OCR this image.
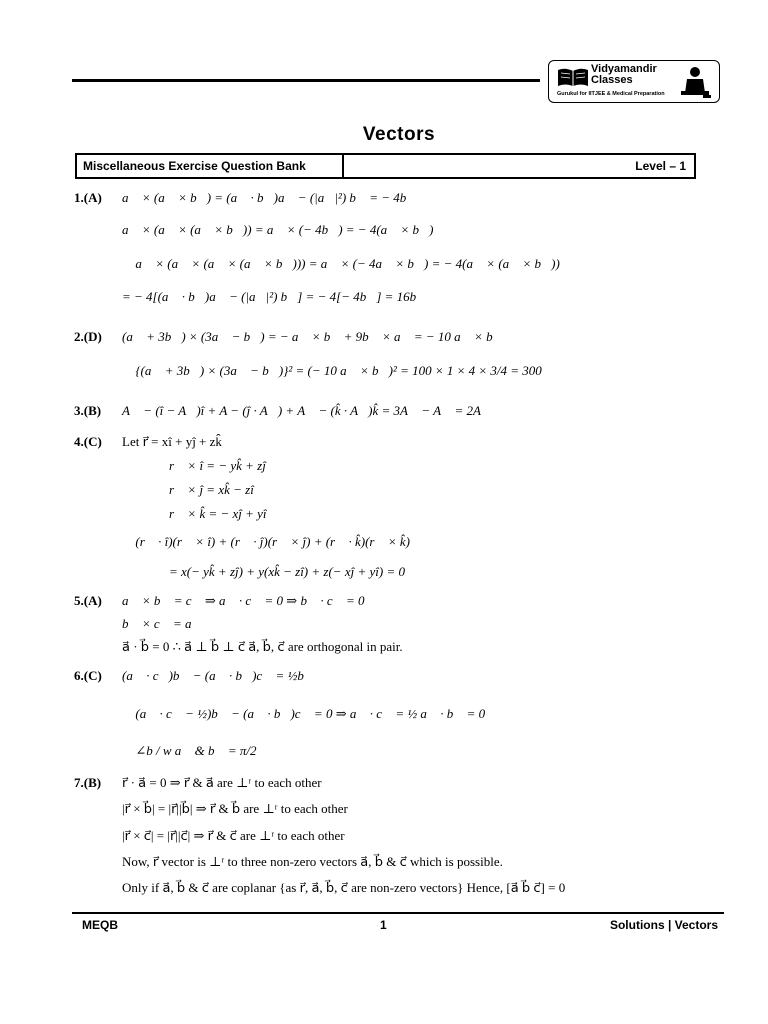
Vidyamandir
Classes
Gurukul for IITJEE & Medical Preparation
Vectors
Miscellaneous Exercise Question Bank	Level – 1
1.(A) a⃗ × (a⃗ × b⃗) = (a⃗ · b⃗)a⃗ − (|a⃗|²) b⃗ = − 4b⃗
a⃗ × (a⃗ × (a⃗ × b⃗)) = a⃗ × (− 4b⃗) = − 4(a⃗ × b⃗)
∴ a⃗ × (a⃗ × (a⃗ × (a⃗ × b⃗))) = a⃗ × (− 4a⃗ × b⃗) = − 4(a⃗ × (a⃗ × b⃗))
= − 4[(a⃗ · b⃗)a⃗ − (|a⃗|²) b⃗] = − 4[− 4b⃗] = 16b⃗
2.(D) (a⃗ + 3b⃗) × (3a⃗ − b⃗) = − a⃗ × b⃗ + 9b⃗ × a⃗ = − 10 a⃗ × b⃗
∴ {(a⃗ + 3b⃗) × (3a⃗ − b⃗)}² = (− 10 a⃗ × b⃗)² = 100 × 1 × 4 × 3/4 = 300
3.(B) A⃗ − (î − A⃗)î + A − (ĵ · A⃗) + A⃗ − (k̂ · A⃗)k̂ = 3A⃗ − A⃗ = 2A⃗
4.(C) Let r⃗ = xî + yĵ + zk̂
r⃗ × î = − yk̂ + zĵ
r⃗ × ĵ = xk̂ − zî
r⃗ × k̂ = − xĵ + yî
∴ (r⃗ · î)(r⃗ × î) + (r⃗ · ĵ)(r⃗ × ĵ) + (r⃗ · k̂)(r⃗ × k̂)
= x(− yk̂ + zĵ) + y(xk̂ − zî) + z(− xĵ + yî) = 0
5.(A) a⃗ × b⃗ = c⃗ ⇒ a⃗ · c⃗ = 0 ⇒ b⃗ · c⃗ = 0
b⃗ × c⃗ = a⃗
a⃗ · b⃗ = 0 ∴ a⃗ ⊥ b⃗ ⊥ c⃗ a⃗, b⃗, c⃗ are orthogonal in pair.
6.(C) (a⃗ · c⃗)b⃗ − (a⃗ · b⃗)c⃗ = ½b⃗
∴ (a⃗ · c⃗ − ½)b⃗ − (a⃗ · b⃗)c⃗ = 0 ⇒ a⃗ · c⃗ = ½ a⃗ · b⃗ = 0
∴ ∠b / w a⃗ & b⃗ = π/2
7.(B) r⃗ · a⃗ = 0 ⇒ r⃗ & a⃗ are ⊥ʳ to each other
|r⃗ × b⃗| = |r⃗||b⃗| ⇒ r⃗ & b⃗ are ⊥ʳ to each other
|r⃗ × c⃗| = |r⃗||c⃗| ⇒ r⃗ & c⃗ are ⊥ʳ to each other
Now, r⃗ vector is ⊥ʳ to three non-zero vectors a⃗, b⃗ & c⃗ which is possible.
Only if a⃗, b⃗ & c⃗ are coplanar {as r⃗, a⃗, b⃗, c⃗ are non-zero vectors} Hence, [a⃗ b⃗ c⃗] = 0
MEQB	1	Solutions | Vectors
